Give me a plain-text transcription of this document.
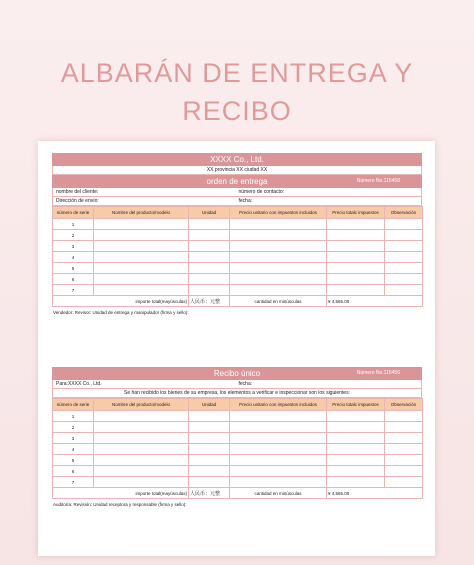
ALBARÁN DE ENTREGA Y
RECIBO
XXXX Co., Ltd.
XX provincia XX ciudad XX
orden de entrega	Número No.115458
nombre del cliente:	número de contacto:
Dirección de envío:	fecha:
número de serie	Nombre del producto/modelo	Unidad	Precio unitario con impuestos incluidos	Precio totalc impuestos	Observación
1					
2					
3					
4					
5					
6					
7					
importe total(mayúsculas)		人民币：元整	cantidad en minúsculas	¥ 4,565.00	
Vendedor: Revisor: Unidad de entrega y manipulador (firma y sello):
Recibo único	Número No.115456
Para:XXXX Co., Ltd.	fecha:
Se han recibido los bienes de su empresa, los elementos a verificar e inspeccionar son los siguientes:
número de serie	Nombre del producto/modelo	Unidad	Precio unitario con impuestos incluidos	Precio totalc impuestos	Observación
1					
2					
3					
4					
5					
6					
7					
importe total(mayúsculas)		人民币：元整	cantidad en minúsculas	¥ 4,565.00	
Auditoría: Revisión: Unidad receptora y responsable (firma y sello):
